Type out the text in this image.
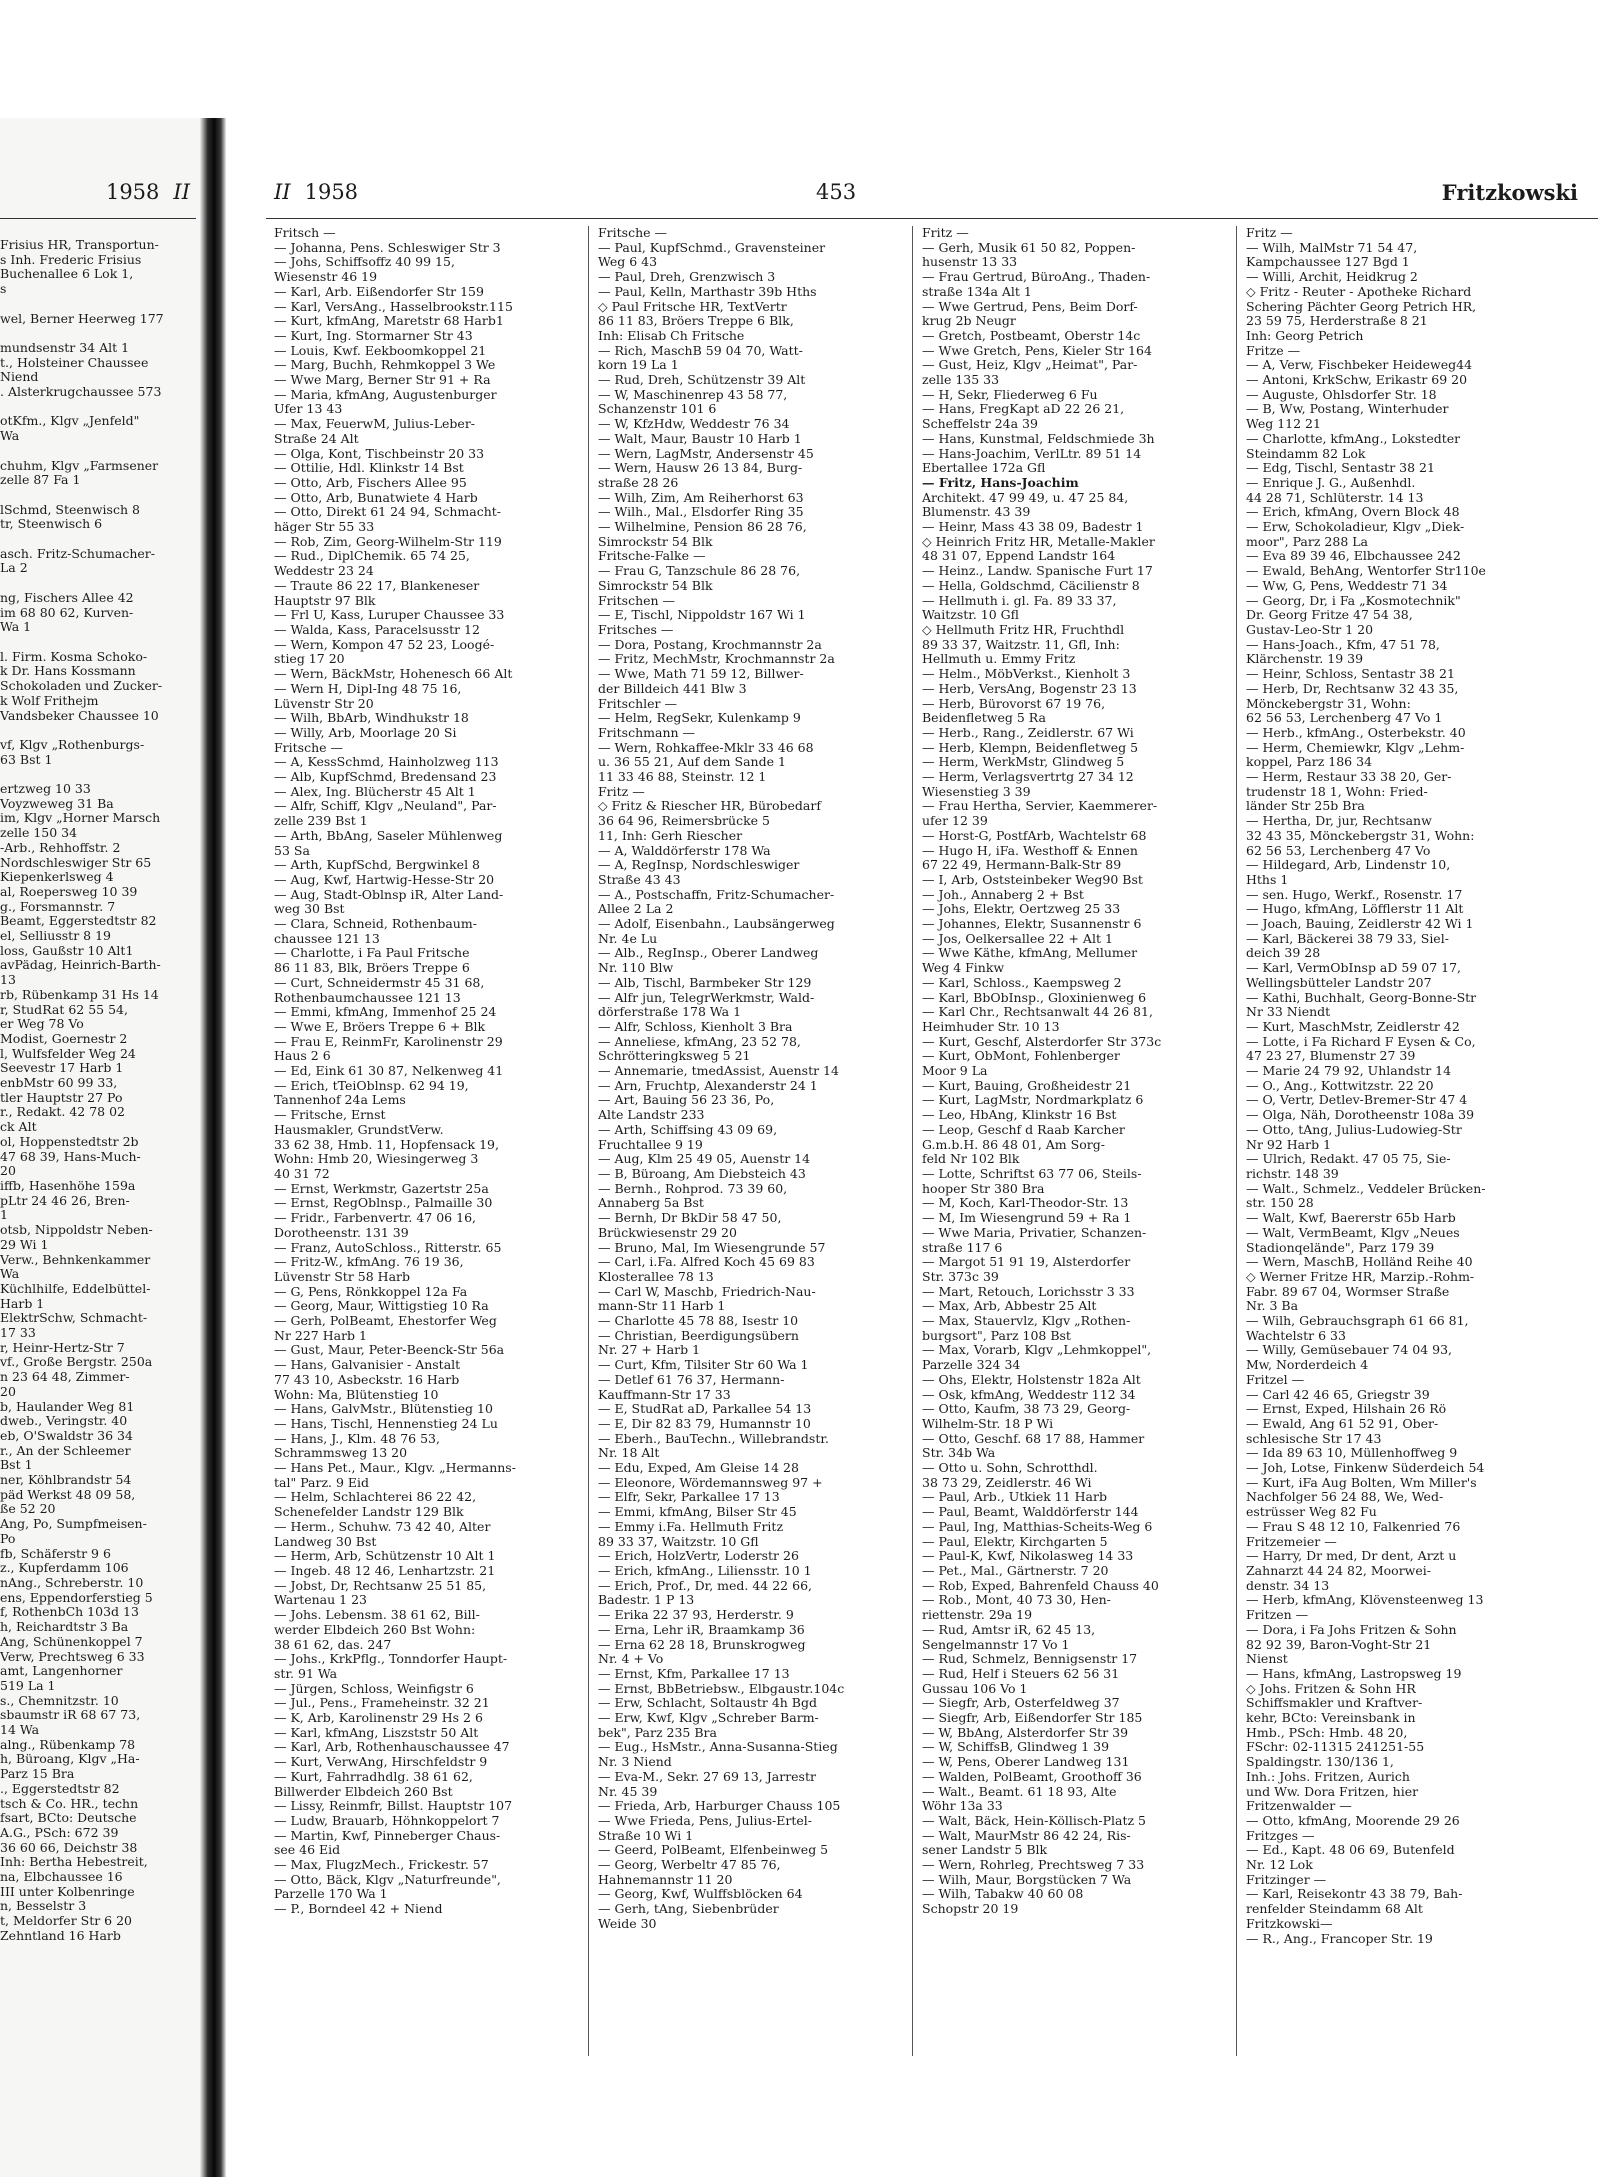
1958 II
Frisius HR, Transportun-
s Inh. Frederic Frisius
Buchenallee 6 Lok 1,
s

wel, Berner Heerweg 177

mundsenstr 34 Alt 1
t., Holsteiner Chaussee
Niend
. Alsterkrugchaussee 573

otKfm., Klgv „Jenfeld"
Wa

chuhm, Klgv „Farmsener
zelle 87 Fa 1

lSchmd, Steenwisch 8
tr, Steenwisch 6

asch. Fritz-Schumacher-
La 2

ng, Fischers Allee 42
im 68 80 62, Kurven-
Wa 1

l. Firm. Kosma Schoko-
k Dr. Hans Kossmann
Schokoladen und Zucker-
k Wolf Frithejm
Vandsbeker Chaussee 10

vf, Klgv „Rothenburgs-
63 Bst 1

ertzweg 10 33
Voyzweweg 31 Ba
im, Klgv „Horner Marsch
zelle 150 34
-Arb., Rehhoffstr. 2
Nordschleswiger Str 65
Kiepenkerlsweg 4
al, Roepersweg 10 39
g., Forsmannstr. 7
Beamt, Eggerstedtstr 82
el, Selliusstr 8 19
loss, Gaußstr 10 Alt1
avPädag, Heinrich-Barth-
13
rb, Rübenkamp 31 Hs 14
r, StudRat 62 55 54,
er Weg 78 Vo
Modist, Goernestr 2
l, Wulfsfelder Weg 24
Seevestr 17 Harb 1
enbMstr 60 99 33,
tler Hauptstr 27 Po
r., Redakt. 42 78 02
ck Alt
ol, Hoppenstedtstr 2b
47 68 39, Hans-Much-
20
iffb, Hasenhöhe 159a
pLtr 24 46 26, Bren-
1
otsb, Nippoldstr Neben-
29 Wi 1
Verw., Behnkenkammer
Wa
Küchlhilfe, Eddelbüttel-
Harb 1
ElektrSchw, Schmacht-
17 33
r, Heinr-Hertz-Str 7
vf., Große Bergstr. 250a
n 23 64 48, Zimmer-
20
b, Haulander Weg 81
dweb., Veringstr. 40
eb, O'Swaldstr 36 34
r., An der Schleemer
Bst 1
ner, Köhlbrandstr 54
päd Werkst 48 09 58,
ße 52 20
Ang, Po, Sumpfmeisen-
Po
fb, Schäferstr 9 6
z., Kupferdamm 106
nAng., Schreberstr. 10
ens, Eppendorferstieg 5
f, RothenbCh 103d 13
h, Reichardtstr 3 Ba
Ang, Schünenkoppel 7
Verw, Prechtsweg 6 33
amt, Langenhorner
519 La 1
s., Chemnitzstr. 10
sbaumstr iR 68 67 73,
14 Wa
alng., Rübenkamp 78
h, Büroang, Klgv „Ha-
Parz 15 Bra
., Eggerstedtstr 82
tsch & Co. HR., techn
fsart, BCto: Deutsche
A.G., PSch: 672 39
36 60 66, Deichstr 38
Inh: Bertha Hebestreit,
na, Elbchaussee 16
III unter Kolbenringe
n, Besselstr 3
t, Meldorfer Str 6 20
Zehntland 16 Harb
II 1958	453	Fritzkowski
Fritsch —
— Johanna, Pens. Schleswiger Str 3
— Johs, Schiffsoffz 40 99 15,
Wiesenstr 46 19
— Karl, Arb. Eißendorfer Str 159
— Karl, VersAng., Hasselbrookstr.115
— Kurt, kfmAng, Maretstr 68 Harb1
— Kurt, Ing. Stormarner Str 43
— Louis, Kwf. Eekboomkoppel 21
— Marg, Buchh, Rehmkoppel 3 We
— Wwe Marg, Berner Str 91 + Ra
— Maria, kfmAng, Augustenburger
Ufer 13 43
— Max, FeuerwM, Julius-Leber-
Straße 24 Alt
— Olga, Kont, Tischbeinstr 20 33
— Ottilie, Hdl. Klinkstr 14 Bst
— Otto, Arb, Fischers Allee 95
— Otto, Arb, Bunatwiete 4 Harb
— Otto, Direkt 61 24 94, Schmacht-
häger Str 55 33
— Rob, Zim, Georg-Wilhelm-Str 119
— Rud., DiplChemik. 65 74 25,
Weddestr 23 24
— Traute 86 22 17, Blankeneser
Hauptstr 97 Blk
— Frl U, Kass, Luruper Chaussee 33
— Walda, Kass, Paracelsusstr 12
— Wern, Kompon 47 52 23, Loogé-
stieg 17 20
— Wern, BäckMstr, Hohenesch 66 Alt
— Wern H, Dipl-Ing 48 75 16,
Lüvenstr Str 20
— Wilh, BbArb, Windhukstr 18
— Willy, Arb, Moorlage 20 Si
Fritsche —
— A, KessSchmd, Hainholzweg 113
— Alb, KupfSchmd, Bredensand 23
— Alex, Ing. Blücherstr 45 Alt 1
— Alfr, Schiff, Klgv „Neuland", Par-
zelle 239 Bst 1
— Arth, BbAng, Saseler Mühlenweg
53 Sa
— Arth, KupfSchd, Bergwinkel 8
— Aug, Kwf, Hartwig-Hesse-Str 20
— Aug, Stadt-Oblnsp iR, Alter Land-
weg 30 Bst
— Clara, Schneid, Rothenbaum-
chaussee 121 13
— Charlotte, i Fa Paul Fritsche
86 11 83, Blk, Bröers Treppe 6
— Curt, Schneidermstr 45 31 68,
Rothenbaumchaussee 121 13
— Emmi, kfmAng, Immenhof 25 24
— Wwe E, Bröers Treppe 6 + Blk
— Frau E, ReinmFr, Karolinenstr 29
Haus 2 6
— Ed, Eink 61 30 87, Nelkenweg 41
— Erich, tTeiOblnsp. 62 94 19,
Tannenhof 24a Lems
— Fritsche, Ernst
Hausmakler, GrundstVerw.
33 62 38, Hmb. 11, Hopfensack 19,
Wohn: Hmb 20, Wiesingerweg 3
40 31 72
— Ernst, Werkmstr, Gazertstr 25a
— Ernst, RegOblnsp., Palmaille 30
— Fridr., Farbenvertr. 47 06 16,
Dorotheenstr. 131 39
— Franz, AutoSchloss., Ritterstr. 65
— Fritz-W., kfmAng. 76 19 36,
Lüvenstr Str 58 Harb
— G, Pens, Rönkkoppel 12a Fa
— Georg, Maur, Wittigstieg 10 Ra
— Gerh, PolBeamt, Ehestorfer Weg
Nr 227 Harb 1
— Gust, Maur, Peter-Beenck-Str 56a
— Hans, Galvanisier - Anstalt
77 43 10, Asbeckstr. 16 Harb
Wohn: Ma, Blütenstieg 10
— Hans, GalvMstr., Blütenstieg 10
— Hans, Tischl, Hennenstieg 24 Lu
— Hans, J., Klm. 48 76 53,
Schrammsweg 13 20
— Hans Pet., Maur., Klgv. „Hermanns-
tal" Parz. 9 Eid
— Helm, Schlachterei 86 22 42,
Schenefelder Landstr 129 Blk
— Herm., Schuhw. 73 42 40, Alter
Landweg 30 Bst
— Herm, Arb, Schützenstr 10 Alt 1
— Ingeb. 48 12 46, Lenhartzstr. 21
— Jobst, Dr, Rechtsanw 25 51 85,
Wartenau 1 23
— Johs. Lebensm. 38 61 62, Bill-
werder Elbdeich 260 Bst Wohn:
38 61 62, das. 247
— Johs., KrkPflg., Tonndorfer Haupt-
str. 91 Wa
— Jürgen, Schloss, Weinfigstr 6
— Jul., Pens., Frameheinstr. 32 21
— K, Arb, Karolinenstr 29 Hs 2 6
— Karl, kfmAng, Liszststr 50 Alt
— Karl, Arb, Rothenhauschaussee 47
— Kurt, VerwAng, Hirschfeldstr 9
— Kurt, Fahrradhdlg. 38 61 62,
Billwerder Elbdeich 260 Bst
— Lissy, Reinmfr, Billst. Hauptstr 107
— Ludw, Brauarb, Höhnkoppelort 7
— Martin, Kwf, Pinneberger Chaus-
see 46 Eid
— Max, FlugzMech., Frickestr. 57
— Otto, Bäck, Klgv „Naturfreunde",
Parzelle 170 Wa 1
— P., Borndeel 42 + Niend
Fritsche —
— Paul, KupfSchmd., Gravensteiner
Weg 6 43
— Paul, Dreh, Grenzwisch 3
— Paul, Kelln, Marthastr 39b Hths
◇ Paul Fritsche HR, TextVertr
86 11 83, Bröers Treppe 6 Blk,
Inh: Elisab Ch Fritsche
— Rich, MaschB 59 04 70, Watt-
korn 19 La 1
— Rud, Dreh, Schützenstr 39 Alt
— W, Maschinenrep 43 58 77,
Schanzenstr 101 6
— W, KfzHdw, Weddestr 76 34
— Walt, Maur, Baustr 10 Harb 1
— Wern, LagMstr, Andersenstr 45
— Wern, Hausw 26 13 84, Burg-
straße 28 26
— Wilh, Zim, Am Reiherhorst 63
— Wilh., Mal., Elsdorfer Ring 35
— Wilhelmine, Pension 86 28 76,
Simrockstr 54 Blk
Fritsche-Falke —
— Frau G, Tanzschule 86 28 76,
Simrockstr 54 Blk
Fritschen —
— E, Tischl, Nippoldstr 167 Wi 1
Fritsches —
— Dora, Postang, Krochmannstr 2a
— Fritz, MechMstr, Krochmannstr 2a
— Wwe, Math 71 59 12, Billwer-
der Billdeich 441 Blw 3
Fritschler —
— Helm, RegSekr, Kulenkamp 9
Fritschmann —
— Wern, Rohkaffee-Mklr 33 46 68
u. 36 55 21, Auf dem Sande 1
11 33 46 88, Steinstr. 12 1
Fritz —
◇ Fritz & Riescher HR, Bürobedarf
36 64 96, Reimersbrücke 5
11, Inh: Gerh Riescher
— A, Walddörferstr 178 Wa
— A, RegInsp, Nordschleswiger
Straße 43 43
— A., Postschaffn, Fritz-Schumacher-
Allee 2 La 2
— Adolf, Eisenbahn., Laubsängerweg
Nr. 4e Lu
— Alb., RegInsp., Oberer Landweg
Nr. 110 Blw
— Alb, Tischl, Barmbeker Str 129
— Alfr jun, TelegrWerkmstr, Wald-
dörferstraße 178 Wa 1
— Alfr, Schloss, Kienholt 3 Bra
— Anneliese, kfmAng, 23 52 78,
Schrötteringksweg 5 21
— Annemarie, tmedAssist, Auenstr 14
— Arn, Fruchtp, Alexanderstr 24 1
— Art, Bauing 56 23 36, Po,
Alte Landstr 233
— Arth, Schiffsing 43 09 69,
Fruchtallee 9 19
— Aug, Klm 25 49 05, Auenstr 14
— B, Büroang, Am Diebsteich 43
— Bernh., Rohprod. 73 39 60,
Annaberg 5a Bst
— Bernh, Dr BkDir 58 47 50,
Brückwiesenstr 29 20
— Bruno, Mal, Im Wiesengrunde 57
— Carl, i.Fa. Alfred Koch 45 69 83
Klosterallee 78 13
— Carl W, Maschb, Friedrich-Nau-
mann-Str 11 Harb 1
— Charlotte 45 78 88, Isestr 10
— Christian, Beerdigungsübern
Nr. 27 + Harb 1
— Curt, Kfm, Tilsiter Str 60 Wa 1
— Detlef 61 76 37, Hermann-
Kauffmann-Str 17 33
— E, StudRat aD, Parkallee 54 13
— E, Dir 82 83 79, Humannstr 10
— Eberh., BauTechn., Willebrandstr.
Nr. 18 Alt
— Edu, Exped, Am Gleise 14 28
— Eleonore, Wördemannsweg 97 +
— Elfr, Sekr, Parkallee 17 13
— Emmi, kfmAng, Bilser Str 45
— Emmy i.Fa. Hellmuth Fritz
89 33 37, Waitzstr. 10 Gfl
— Erich, HolzVertr, Loderstr 26
— Erich, kfmAng., Liliensstr. 10 1
— Erich, Prof., Dr, med. 44 22 66,
Badestr. 1 P 13
— Erika 22 37 93, Herderstr. 9
— Erna, Lehr iR, Braamkamp 36
— Erna 62 28 18, Brunskrogweg
Nr. 4 + Vo
— Ernst, Kfm, Parkallee 17 13
— Ernst, BbBetriebsw., Elbgaustr.104c
— Erw, Schlacht, Soltaustr 4h Bgd
— Erw, Kwf, Klgv „Schreber Barm-
bek", Parz 235 Bra
— Eug., HsMstr., Anna-Susanna-Stieg
Nr. 3 Niend
— Eva-M., Sekr. 27 69 13, Jarrestr
Nr. 45 39
— Frieda, Arb, Harburger Chauss 105
— Wwe Frieda, Pens, Julius-Ertel-
Straße 10 Wi 1
— Geerd, PolBeamt, Elfenbeinweg 5
— Georg, Werbeltr 47 85 76,
Hahnemannstr 11 20
— Georg, Kwf, Wulffsblöcken 64
— Gerh, tAng, Siebenbrüder
Weide 30
Fritz —
— Gerh, Musik 61 50 82, Poppen-
husenstr 13 33
— Frau Gertrud, BüroAng., Thaden-
straße 134a Alt 1
— Wwe Gertrud, Pens, Beim Dorf-
krug 2b Neugr
— Gretch, Postbeamt, Oberstr 14c
— Wwe Gretch, Pens, Kieler Str 164
— Gust, Heiz, Klgv „Heimat", Par-
zelle 135 33
— H, Sekr, Fliederweg 6 Fu
— Hans, FregKapt aD 22 26 21,
Scheffelstr 24a 39
— Hans, Kunstmal, Feldschmiede 3h
— Hans-Joachim, VerlLtr. 89 51 14
Ebertallee 172a Gfl
— Fritz, Hans-Joachim
Architekt. 47 99 49, u. 47 25 84,
Blumenstr. 43 39
— Heinr, Mass 43 38 09, Badestr 1
◇ Heinrich Fritz HR, Metalle-Makler
48 31 07, Eppend Landstr 164
— Heinz., Landw. Spanische Furt 17
— Hella, Goldschmd, Cäcilienstr 8
— Hellmuth i. gl. Fa. 89 33 37,
Waitzstr. 10 Gfl
◇ Hellmuth Fritz HR, Fruchthdl
89 33 37, Waitzstr. 11, Gfl, Inh:
Hellmuth u. Emmy Fritz
— Helm., MöbVerkst., Kienholt 3
— Herb, VersAng, Bogenstr 23 13
— Herb, Bürovorst 67 19 76,
Beidenfletweg 5 Ra
— Herb., Rang., Zeidlerstr. 67 Wi
— Herb, Klempn, Beidenfletweg 5
— Herm, WerkMstr, Glindweg 5
— Herm, Verlagsvertrtg 27 34 12
Wiesenstieg 3 39
— Frau Hertha, Servier, Kaemmerer-
ufer 12 39
— Horst-G, PostfArb, Wachtelstr 68
— Hugo H, iFa. Westhoff & Ennen
67 22 49, Hermann-Balk-Str 89
— I, Arb, Oststeinbeker Weg90 Bst
— Joh., Annaberg 2 + Bst
— Johs, Elektr, Oertzweg 25 33
— Johannes, Elektr, Susannenstr 6
— Jos, Oelkersallee 22 + Alt 1
— Wwe Käthe, kfmAng, Mellumer
Weg 4 Finkw
— Karl, Schloss., Kaempsweg 2
— Karl, BbObInsp., Gloxinienweg 6
— Karl Chr., Rechtsanwalt 44 26 81,
Heimhuder Str. 10 13
— Kurt, Geschf, Alsterdorfer Str 373c
— Kurt, ObMont, Fohlenberger
Moor 9 La
— Kurt, Bauing, Großheidestr 21
— Kurt, LagMstr, Nordmarkplatz 6
— Leo, HbAng, Klinkstr 16 Bst
— Leop, Geschf d Raab Karcher
G.m.b.H. 86 48 01, Am Sorg-
feld Nr 102 Blk
— Lotte, Schriftst 63 77 06, Steils-
hooper Str 380 Bra
— M, Koch, Karl-Theodor-Str. 13
— M, Im Wiesengrund 59 + Ra 1
— Wwe Maria, Privatier, Schanzen-
straße 117 6
— Margot 51 91 19, Alsterdorfer
Str. 373c 39
— Mart, Retouch, Lorichsstr 3 33
— Max, Arb, Abbestr 25 Alt
— Max, Stauervlz, Klgv „Rothen-
burgsort", Parz 108 Bst
— Max, Vorarb, Klgv „Lehmkoppel",
Parzelle 324 34
— Ohs, Elektr, Holstenstr 182a Alt
— Osk, kfmAng, Weddestr 112 34
— Otto, Kaufm, 38 73 29, Georg-
Wilhelm-Str. 18 P Wi
— Otto, Geschf. 68 17 88, Hammer
Str. 34b Wa
— Otto u. Sohn, Schrotthdl.
38 73 29, Zeidlerstr. 46 Wi
— Paul, Arb., Utkiek 11 Harb
— Paul, Beamt, Walddörferstr 144
— Paul, Ing, Matthias-Scheits-Weg 6
— Paul, Elektr, Kirchgarten 5
— Paul-K, Kwf, Nikolasweg 14 33
— Pet., Mal., Gärtnerstr. 7 20
— Rob, Exped, Bahrenfeld Chauss 40
— Rob., Mont, 40 73 30, Hen-
riettenstr. 29a 19
— Rud, Amtsr iR, 62 45 13,
Sengelmannstr 17 Vo 1
— Rud, Schmelz, Bennigsenstr 17
— Rud, Helf i Steuers 62 56 31
Gussau 106 Vo 1
— Siegfr, Arb, Osterfeldweg 37
— Siegfr, Arb, Eißendorfer Str 185
— W, BbAng, Alsterdorfer Str 39
— W, SchiffsB, Glindweg 1 39
— W, Pens, Oberer Landweg 131
— Walden, PolBeamt, Groothoff 36
— Walt., Beamt. 61 18 93, Alte
Wöhr 13a 33
— Walt, Bäck, Hein-Köllisch-Platz 5
— Walt, MaurMstr 86 42 24, Ris-
sener Landstr 5 Blk
— Wern, Rohrleg, Prechtsweg 7 33
— Wilh, Maur, Borgstücken 7 Wa
— Wilh, Tabakw 40 60 08
Schopstr 20 19
Fritz —
— Wilh, MalMstr 71 54 47,
Kampchaussee 127 Bgd 1
— Willi, Archit, Heidkrug 2
◇ Fritz - Reuter - Apotheke Richard
Schering Pächter Georg Petrich HR,
23 59 75, Herderstraße 8 21
Inh: Georg Petrich
Fritze —
— A, Verw, Fischbeker Heideweg44
— Antoni, KrkSchw, Erikastr 69 20
— Auguste, Ohlsdorfer Str. 18
— B, Ww, Postang, Winterhuder
Weg 112 21
— Charlotte, kfmAng., Lokstedter
Steindamm 82 Lok
— Edg, Tischl, Sentastr 38 21
— Enrique J. G., Außenhdl.
44 28 71, Schlüterstr. 14 13
— Erich, kfmAng, Overn Block 48
— Erw, Schokoladieur, Klgv „Diek-
moor", Parz 288 La
— Eva 89 39 46, Elbchaussee 242
— Ewald, BehAng, Wentorfer Str110e
— Ww, G, Pens, Weddestr 71 34
— Georg, Dr, i Fa „Kosmotechnik"
Dr. Georg Fritze 47 54 38,
Gustav-Leo-Str 1 20
— Hans-Joach., Kfm, 47 51 78,
Klärchenstr. 19 39
— Heinr, Schloss, Sentastr 38 21
— Herb, Dr, Rechtsanw 32 43 35,
Mönckebergstr 31, Wohn:
62 56 53, Lerchenberg 47 Vo 1
— Herb., kfmAng., Osterbekstr. 40
— Herm, Chemiewkr, Klgv „Lehm-
koppel, Parz 186 34
— Herm, Restaur 33 38 20, Ger-
trudenstr 18 1, Wohn: Fried-
länder Str 25b Bra
— Hertha, Dr, jur, Rechtsanw
32 43 35, Mönckebergstr 31, Wohn:
62 56 53, Lerchenberg 47 Vo
— Hildegard, Arb, Lindenstr 10,
Hths 1
— sen. Hugo, Werkf., Rosenstr. 17
— Hugo, kfmAng, Löfflerstr 11 Alt
— Joach, Bauing, Zeidlerstr 42 Wi 1
— Karl, Bäckerei 38 79 33, Siel-
deich 39 28
— Karl, VermObInsp aD 59 07 17,
Wellingsbütteler Landstr 207
— Kathi, Buchhalt, Georg-Bonne-Str
Nr 33 Niendt
— Kurt, MaschMstr, Zeidlerstr 42
— Lotte, i Fa Richard F Eysen & Co,
47 23 27, Blumenstr 27 39
— Marie 24 79 92, Uhlandstr 14
— O., Ang., Kottwitzstr. 22 20
— O, Vertr, Detlev-Bremer-Str 47 4
— Olga, Näh, Dorotheenstr 108a 39
— Otto, tAng, Julius-Ludowieg-Str
Nr 92 Harb 1
— Ulrich, Redakt. 47 05 75, Sie-
richstr. 148 39
— Walt., Schmelz., Veddeler Brücken-
str. 150 28
— Walt, Kwf, Baererstr 65b Harb
— Walt, VermBeamt, Klgv „Neues
Stadionqelände", Parz 179 39
— Wern, MaschB, Holländ Reihe 40
◇ Werner Fritze HR, Marzip.-Rohm-
Fabr. 89 67 04, Wormser Straße
Nr. 3 Ba
— Wilh, Gebrauchsgraph 61 66 81,
Wachtelstr 6 33
— Willy, Gemüsebauer 74 04 93,
Mw, Norderdeich 4
Fritzel —
— Carl 42 46 65, Griegstr 39
— Ernst, Exped, Hilshain 26 Rö
— Ewald, Ang 61 52 91, Ober-
schlesische Str 17 43
— Ida 89 63 10, Müllenhoffweg 9
— Joh, Lotse, Finkenw Süderdeich 54
— Kurt, iFa Aug Bolten, Wm Miller's
Nachfolger 56 24 88, We, Wed-
estrüsser Weg 82 Fu
— Frau S 48 12 10, Falkenried 76
Fritzemeier —
— Harry, Dr med, Dr dent, Arzt u
Zahnarzt 44 24 82, Moorwei-
denstr. 34 13
— Herb, kfmAng, Klövensteenweg 13
Fritzen —
— Dora, i Fa Johs Fritzen & Sohn
82 92 39, Baron-Voght-Str 21
Nienst
— Hans, kfmAng, Lastropsweg 19
◇ Johs. Fritzen & Sohn HR
Schiffsmakler und Kraftver-
kehr, BCto: Vereinsbank in
Hmb., PSch: Hmb. 48 20,
FSchr: 02-11315 241251-55
Spaldingstr. 130/136 1,
Inh.: Johs. Fritzen, Aurich
und Ww. Dora Fritzen, hier
Fritzenwalder —
— Otto, kfmAng, Moorende 29 26
Fritzges —
— Ed., Kapt. 48 06 69, Butenfeld
Nr. 12 Lok
Fritzinger —
— Karl, Reisekontr 43 38 79, Bah-
renfelder Steindamm 68 Alt
Fritzkowski—
— R., Ang., Francoper Str. 19
